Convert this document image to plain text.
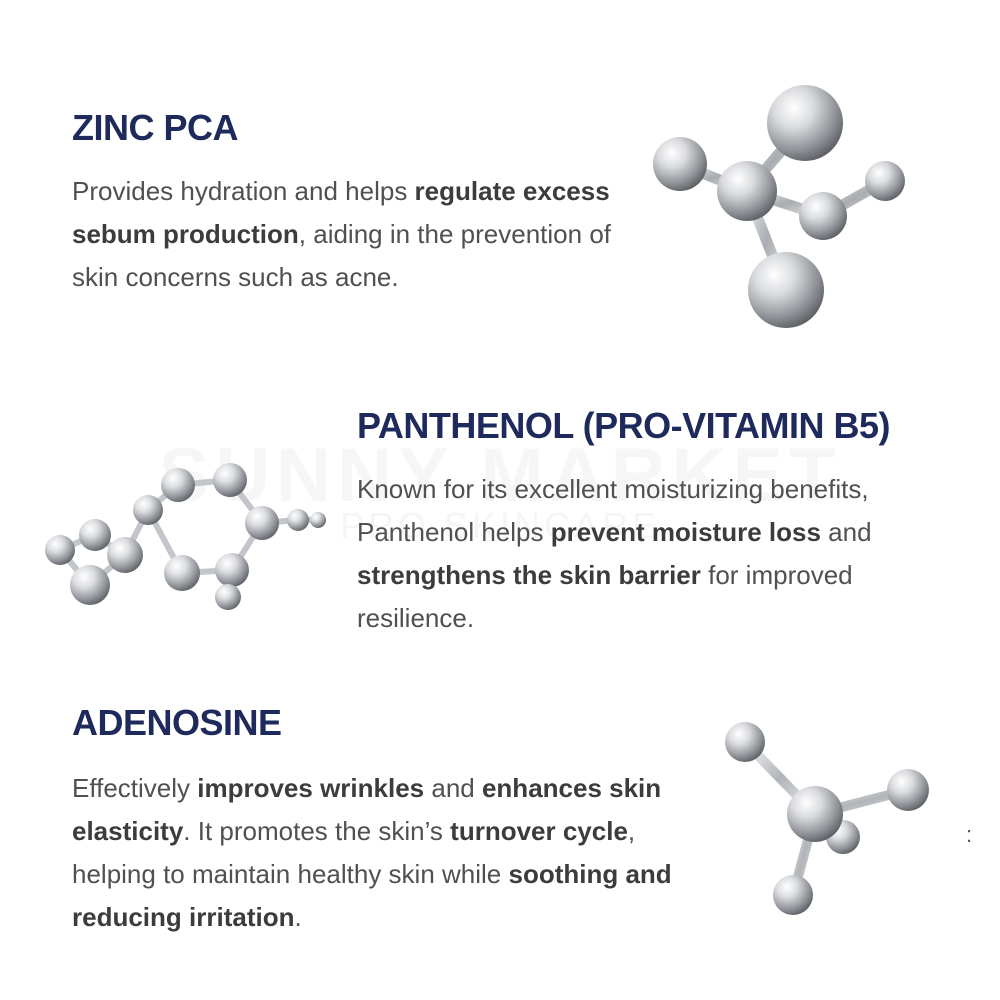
ZINC PCA

Provides hydration and helps regulate excess sebum production, aiding in the prevention of skin concerns such as acne.

PANTHENOL (PRO-VITAMIN B5)

Known for its excellent moisturizing benefits, Panthenol helps prevent moisture loss and strengthens the skin barrier for improved resilience.

ADENOSINE

Effectively improves wrinkles and enhances skin elasticity. It promotes the skin’s turnover cycle, helping to maintain healthy skin while soothing and reducing irritation.

:
